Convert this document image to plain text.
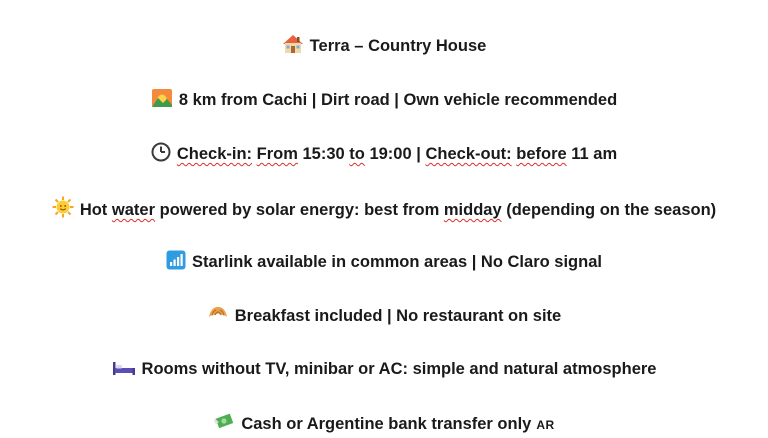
Terra – Country House
8 km from Cachi | Dirt road | Own vehicle recommended
Check-in: From 15:30 to 19:00 | Check-out: before 11 am
Hot water powered by solar energy: best from midday (depending on the season)
Starlink available in common areas | No Claro signal
Breakfast included | No restaurant on site
Rooms without TV, minibar or AC: simple and natural atmosphere
Cash or Argentine bank transfer only AR
